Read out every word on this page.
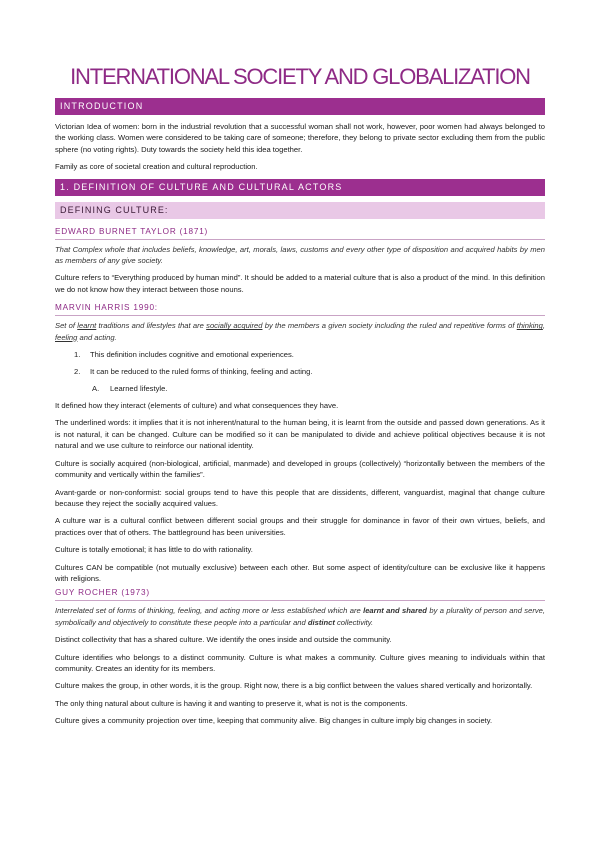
INTERNATIONAL SOCIETY AND GLOBALIZATION
INTRODUCTION

Victorian Idea of women: born in the industrial revolution that a successful woman shall not work, however, poor women had always belonged to the working class. Women were considered to be taking care of someone; therefore, they belong to private sector excluding them from the public sphere (no voting rights). Duty towards the society held this idea together.

Family as core of societal creation and cultural reproduction.

1. DEFINITION OF CULTURE AND CULTURAL ACTORS
DEFINING CULTURE:
EDWARD BURNET TAYLOR (1871)

That Complex whole that includes beliefs, knowledge, art, morals, laws, customs and every other type of disposition and acquired habits by men as members of any give society.

Culture refers to “Everything produced by human mind”. It should be added to a material culture that is also a product of the mind. In this definition we do not know how they interact between those nouns.

MARVIN HARRIS 1990:

Set of learnt traditions and lifestyles that are socially acquired by the members a given society including the ruled and repetitive forms of thinking, feeling and acting.

1. This definition includes cognitive and emotional experiences.
2. It can be reduced to the ruled forms of thinking, feeling and acting.
A. Learned lifestyle.

It defined how they interact (elements of culture) and what consequences they have.

The underlined words: it implies that it is not inherent/natural to the human being, it is learnt from the outside and passed down generations. As it is not natural, it can be changed. Culture can be modified so it can be manipulated to divide and achieve political objectives because it is not natural and we use culture to reinforce our national identity.

Culture is socially acquired (non-biological, artificial, manmade) and developed in groups (collectively) “horizontally between the members of the community and vertically within the families”.

Avant-garde or non-conformist: social groups tend to have this people that are dissidents, different, vanguardist, maginal that change culture because they reject the socially acquired values.

A culture war is a cultural conflict between different social groups and their struggle for dominance in favor of their own virtues, beliefs, and practices over that of others. The battleground has been universities.

Culture is totally emotional; it has little to do with rationality.

Cultures CAN be compatible (not mutually exclusive) between each other. But some aspect of identity/culture can be exclusive like it happens with religions.

GUY ROCHER (1973)

Interrelated set of forms of thinking, feeling, and acting more or less established which are learnt and shared by a plurality of person and serve, symbolically and objectively to constitute these people into a particular and distinct collectivity.

Distinct collectivity that has a shared culture. We identify the ones inside and outside the community.

Culture identifies who belongs to a distinct community. Culture is what makes a community. Culture gives meaning to individuals within that community. Creates an identity for its members.

Culture makes the group, in other words, it is the group. Right now, there is a big conflict between the values shared vertically and horizontally.

The only thing natural about culture is having it and wanting to preserve it, what is not is the components.

Culture gives a community projection over time, keeping that community alive. Big changes in culture imply big changes in society.
